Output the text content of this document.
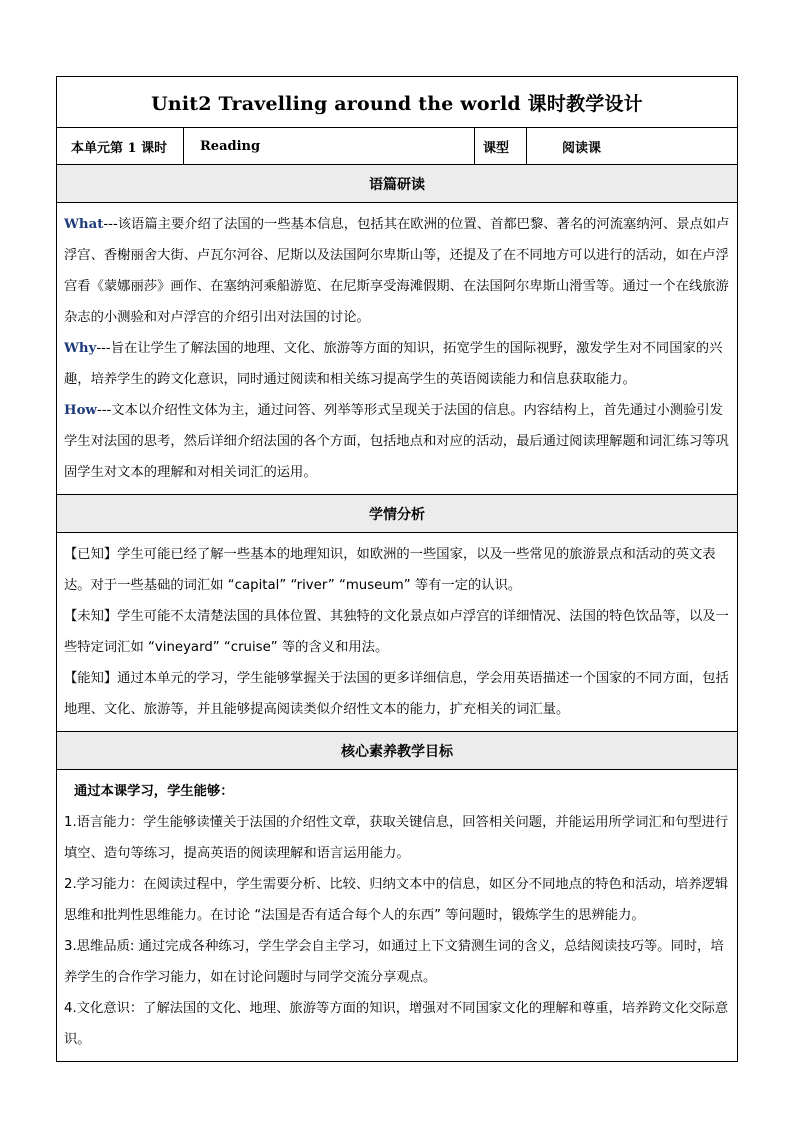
Unit2 Travelling around the world 课时教学设计
本单元第 1 课时	Reading	课型	阅读课
语篇研读

What---该语篇主要介绍了法国的一些基本信息，包括其在欧洲的位置、首都巴黎、著名的河流塞纳河、景点如卢浮宫、香榭丽舍大街、卢瓦尔河谷、尼斯以及法国阿尔卑斯山等，还提及了在不同地方可以进行的活动，如在卢浮宫看《蒙娜丽莎》画作、在塞纳河乘船游览、在尼斯享受海滩假期、在法国阿尔卑斯山滑雪等。通过一个在线旅游杂志的小测验和对卢浮宫的介绍引出对法国的讨论。

Why---旨在让学生了解法国的地理、文化、旅游等方面的知识，拓宽学生的国际视野，激发学生对不同国家的兴趣，培养学生的跨文化意识，同时通过阅读和相关练习提高学生的英语阅读能力和信息获取能力。

How---文本以介绍性文体为主，通过问答、列举等形式呈现关于法国的信息。内容结构上，首先通过小测验引发学生对法国的思考，然后详细介绍法国的各个方面，包括地点和对应的活动，最后通过阅读理解题和词汇练习等巩固学生对文本的理解和对相关词汇的运用。

学情分析

【已知】学生可能已经了解一些基本的地理知识，如欧洲的一些国家，以及一些常见的旅游景点和活动的英文表达。对于一些基础的词汇如 “capital” “river” “museum” 等有一定的认识。

【未知】学生可能不太清楚法国的具体位置、其独特的文化景点如卢浮宫的详细情况、法国的特色饮品等，以及一些特定词汇如 “vineyard” “cruise” 等的含义和用法。

【能知】通过本单元的学习，学生能够掌握关于法国的更多详细信息，学会用英语描述一个国家的不同方面，包括地理、文化、旅游等，并且能够提高阅读类似介绍性文本的能力，扩充相关的词汇量。

核心素养教学目标

通过本课学习，学生能够：

1.语言能力：学生能够读懂关于法国的介绍性文章，获取关键信息，回答相关问题，并能运用所学词汇和句型进行填空、造句等练习，提高英语的阅读理解和语言运用能力。

2.学习能力：在阅读过程中，学生需要分析、比较、归纳文本中的信息，如区分不同地点的特色和活动，培养逻辑思维和批判性思维能力。在讨论 “法国是否有适合每个人的东西” 等问题时，锻炼学生的思辨能力。

3.思维品质: 通过完成各种练习，学生学会自主学习，如通过上下文猜测生词的含义，总结阅读技巧等。同时，培养学生的合作学习能力，如在讨论问题时与同学交流分享观点。

4.文化意识：了解法国的文化、地理、旅游等方面的知识，增强对不同国家文化的理解和尊重，培养跨文化交际意识。
